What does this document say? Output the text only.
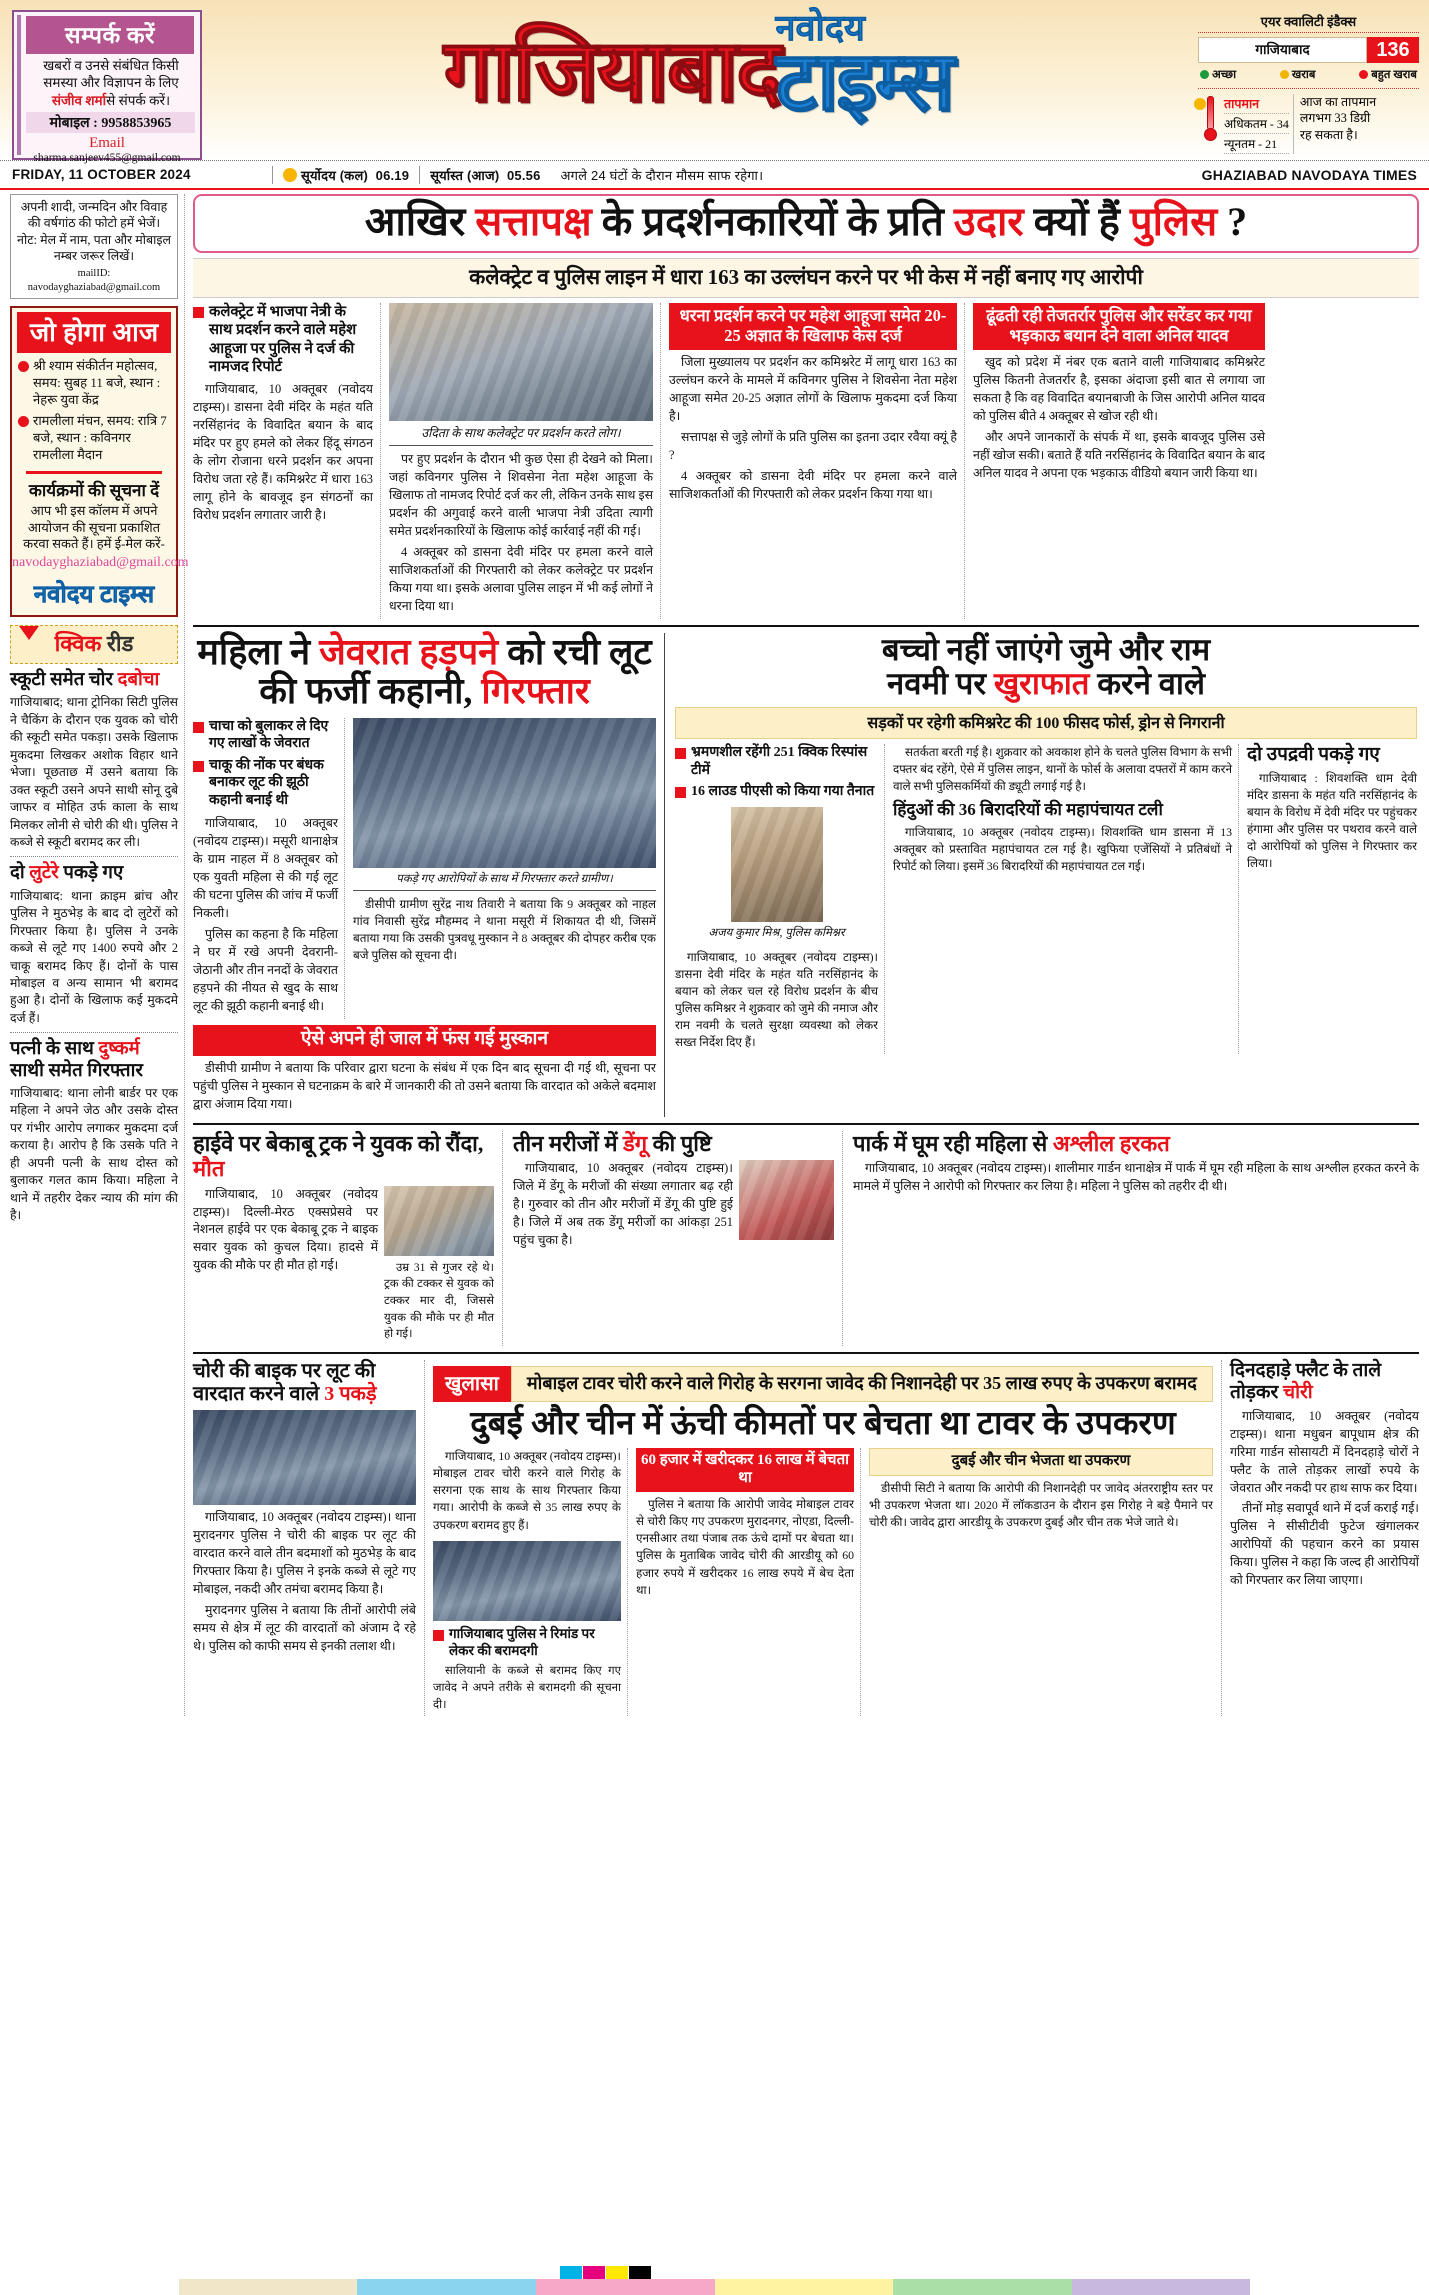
सम्पर्क करें
खबरों व उनसे संबंधित किसी
समस्या और विज्ञापन के लिए
संजीव शर्मासे संपर्क करें।
मोबाइल : 9958853965
Email
sharma.sanjeev455@gmail.com
गाजियाबाद
नवोदय
टाइम्स
एयर क्वालिटी इंडैक्स
गाजियाबाद	136
अच्छा	खराब	बहुत खराब
तापमान
अधिकतम - 34
न्यूनतम - 21
आज का तापमान
लगभग 33 डिग्री
रह सकता है।
FRIDAY, 11 OCTOBER 2024	सूर्योदय (कल) 06.19	सूर्यास्त (आज) 05.56	अगले 24 घंटों के दौरान मौसम साफ रहेगा।	GHAZIABAD NAVODAYA TIMES
अपनी शादी, जन्मदिन और विवाह
की वर्षगांठ की फोटो हमें भेजें।
नोट: मेल में नाम, पता और मोबाइल
नम्बर जरूर लिखें।
mailID: navodayghaziabad@gmail.com
जो होगा आज
श्री श्याम संकीर्तन महोत्सव, समय: सुबह 11 बजे, स्थान : नेहरू युवा केंद्र
रामलीला मंचन, समय: रात्रि 7 बजे, स्थान : कविनगर रामलीला मैदान
कार्यक्रमों की सूचना दें
आप भी इस कॉलम में अपने आयोजन की सूचना प्रकाशित करवा सकते हैं। हमें ई-मेल करें-
navodayghaziabad@gmail.com
नवोदय टाइम्स
क्विक रीड
स्कूटी समेत चोर दबोचा
गाजियाबाद; थाना ट्रोनिका सिटी पुलिस ने चैकिंग के दौरान एक युवक को चोरी की स्कूटी समेत पकड़ा। उसके खिलाफ मुकदमा लिखकर अशोक विहार थाने भेजा। पूछताछ में उसने बताया कि उक्त स्कूटी उसने अपने साथी सोनू दुबे जाफर व मोहित उर्फ काला के साथ मिलकर लोनी से चोरी की थी। पुलिस ने कब्जे से स्कूटी बरामद कर ली।
दो लुटेरे पकड़े गए
गाजियाबाद: थाना क्राइम ब्रांच और पुलिस ने मुठभेड़ के बाद दो लुटेरों को गिरफ्तार किया है। पुलिस ने उनके कब्जे से लूटे गए 1400 रुपये और 2 चाकू बरामद किए हैं। दोनों के पास मोबाइल व अन्य सामान भी बरामद हुआ है। दोनों के खिलाफ कई मुकदमे दर्ज हैं।
पत्नी के साथ दुष्कर्म साथी समेत गिरफ्तार
गाजियाबाद: थाना लोनी बार्डर पर एक महिला ने अपने जेठ और उसके दोस्त पर गंभीर आरोप लगाकर मुकदमा दर्ज कराया है। आरोप है कि उसके पति ने ही अपनी पत्नी के साथ दोस्त को बुलाकर गलत काम किया। महिला ने थाने में तहरीर देकर न्याय की मांग की है।
आखिर सत्तापक्ष के प्रदर्शनकारियों के प्रति उदार क्यों हैं पुलिस ?
कलेक्ट्रेट व पुलिस लाइन में धारा 163 का उल्लंघन करने पर भी केस में नहीं बनाए गए आरोपी
कलेक्ट्रेट में भाजपा नेत्री के साथ प्रदर्शन करने वाले महेश आहूजा पर पुलिस ने दर्ज की नामजद रिपोर्ट

गाजियाबाद, 10 अक्तूबर (नवोदय टाइम्स)। डासना देवी मंदिर के महंत यति नरसिंहानंद के विवादित बयान के बाद मंदिर पर हुए हमले को लेकर हिंदू संगठन के लोग रोजाना धरने प्रदर्शन कर अपना विरोध जता रहे हैं। कमिश्नरेट में धारा 163 लागू होने के बावजूद इन संगठनों का विरोध प्रदर्शन लगातार जारी है।

उदिता के साथ कलेक्ट्रेट पर प्रदर्शन करते लोग।

पर हुए प्रदर्शन के दौरान भी कुछ ऐसा ही देखने को मिला। जहां कविनगर पुलिस ने शिवसेना नेता महेश आहूजा के खिलाफ तो नामजद रिपोर्ट दर्ज कर ली, लेकिन उनके साथ इस प्रदर्शन की अगुवाई करने वाली भाजपा नेत्री उदिता त्यागी समेत प्रदर्शनकारियों के खिलाफ कोई कार्रवाई नहीं की गई।

4 अक्तूबर को डासना देवी मंदिर पर हमला करने वाले साजिशकर्ताओं की गिरफ्तारी को लेकर कलेक्ट्रेट पर प्रदर्शन किया गया था। इसके अलावा पुलिस लाइन में भी कई लोगों ने धरना दिया था।

धरना प्रदर्शन करने पर महेश आहूजा समेत 20-25 अज्ञात के खिलाफ केस दर्ज

जिला मुख्यालय पर प्रदर्शन कर कमिश्नरेट में लागू धारा 163 का उल्लंघन करने के मामले में कविनगर पुलिस ने शिवसेना नेता महेश आहूजा समेत 20-25 अज्ञात लोगों के खिलाफ मुकदमा दर्ज किया है।

सत्तापक्ष से जुड़े लोगों के प्रति पुलिस का इतना उदार रवैया क्यूं है ?

4 अक्तूबर को डासना देवी मंदिर पर हमला करने वाले साजिशकर्ताओं की गिरफ्तारी को लेकर प्रदर्शन किया गया था।

ढूंढती रही तेजतर्रार पुलिस और सरेंडर कर गया भड़काऊ बयान देने वाला अनिल यादव

खुद को प्रदेश में नंबर एक बताने वाली गाजियाबाद कमिश्नरेट पुलिस कितनी तेजतर्रार है, इसका अंदाजा इसी बात से लगाया जा सकता है कि वह विवादित बयानबाजी के जिस आरोपी अनिल यादव को पुलिस बीते 4 अक्तूबर से खोज रही थी।

और अपने जानकारों के संपर्क में था, इसके बावजूद पुलिस उसे नहीं खोज सकी। बताते हैं यति नरसिंहानंद के विवादित बयान के बाद अनिल यादव ने अपना एक भड़काऊ वीडियो बयान जारी किया था।

महिला ने जेवरात हड़पने को रची लूट की फर्जी कहानी, गिरफ्तार
चाचा को बुलाकर ले दिए गए लाखों के जेवरात
चाकू की नोंक पर बंधक बनाकर लूट की झूठी कहानी बनाई थी

गाजियाबाद, 10 अक्तूबर (नवोदय टाइम्स)। मसूरी थानाक्षेत्र के ग्राम नाहल में 8 अक्तूबर को एक युवती महिला से की गई लूट की घटना पुलिस की जांच में फर्जी निकली।

पुलिस का कहना है कि महिला ने घर में रखे अपनी देवरानी-जेठानी और तीन ननदों के जेवरात हड़पने की नीयत से खुद के साथ लूट की झूठी कहानी बनाई थी।

पकड़े गए आरोपियों के साथ में गिरफ्तार करते ग्रामीण।

डीसीपी ग्रामीण सुरेंद्र नाथ तिवारी ने बताया कि 9 अक्तूबर को नाहल गांव निवासी सुरेंद्र मौहम्मद ने थाना मसूरी में शिकायत दी थी, जिसमें बताया गया कि उसकी पुत्रवधू मुस्कान ने 8 अक्तूबर की दोपहर करीब एक बजे पुलिस को सूचना दी।

ऐसे अपने ही जाल में फंस गई मुस्कान

डीसीपी ग्रामीण ने बताया कि परिवार द्वारा घटना के संबंध में एक दिन बाद सूचना दी गई थी, सूचना पर पहुंची पुलिस ने मुस्कान से घटनाक्रम के बारे में जानकारी की तो उसने बताया कि वारदात को अकेले बदमाश द्वारा अंजाम दिया गया।

बच्चो नहीं जाएंगे जुमे और राम
नवमी पर खुराफात करने वाले
सड़कों पर रहेगी कमिश्नरेट की 100 फीसद फोर्स, ड्रोन से निगरानी
भ्रमणशील रहेंगी 251 क्विक रिस्पांस टीमें
16 लाउड पीएसी को किया गया तैनात
अजय कुमार मिश्र, पुलिस कमिश्नर

गाजियाबाद, 10 अक्तूबर (नवोदय टाइम्स)। डासना देवी मंदिर के महंत यति नरसिंहानंद के बयान को लेकर चल रहे विरोध प्रदर्शन के बीच पुलिस कमिश्नर ने शुक्रवार को जुमे की नमाज और राम नवमी के चलते सुरक्षा व्यवस्था को लेकर सख्त निर्देश दिए हैं।

सतर्कता बरती गई है। शुक्रवार को अवकाश होने के चलते पुलिस विभाग के सभी दफ्तर बंद रहेंगे, ऐसे में पुलिस लाइन, थानों के फोर्स के अलावा दफ्तरों में काम करने वाले सभी पुलिसकर्मियों की ड्यूटी लगाई गई है।

हिंदुओं की 36 बिरादरियों की महापंचायत टली

गाजियाबाद, 10 अक्तूबर (नवोदय टाइम्स)। शिवशक्ति धाम डासना में 13 अक्तूबर को प्रस्तावित महापंचायत टल गई है। खुफिया एजेंसियों ने प्रतिबंधों ने रिपोर्ट को लिया। इसमें 36 बिरादरियों की महापंचायत टल गई।

दो उपद्रवी पकड़े गए

गाजियाबाद : शिवशक्ति धाम देवी मंदिर डासना के महंत यति नरसिंहानंद के बयान के विरोध में देवी मंदिर पर पहुंचकर हंगामा और पुलिस पर पथराव करने वाले दो आरोपियों को पुलिस ने गिरफ्तार कर लिया।

हाईवे पर बेकाबू ट्रक ने युवक को रौंदा, मौत

गाजियाबाद, 10 अक्तूबर (नवोदय टाइम्स)। दिल्ली-मेरठ एक्सप्रेसवे पर नेशनल हाईवे पर एक बेकाबू ट्रक ने बाइक सवार युवक को कुचल दिया। हादसे में युवक की मौके पर ही मौत हो गई।	उम्र 31 से गुजर रहे थे। ट्रक की टक्कर से युवक को टक्कर मार दी, जिससे युवक की मौके पर ही मौत हो गई।

तीन मरीजों में डेंगू की पुष्टि

गाजियाबाद, 10 अक्तूबर (नवोदय टाइम्स)। जिले में डेंगू के मरीजों की संख्या लगातार बढ़ रही है। गुरुवार को तीन और मरीजों में डेंगू की पुष्टि हुई है। जिले में अब तक डेंगू मरीजों का आंकड़ा 251 पहुंच चुका है।

पार्क में घूम रही महिला से अश्लील हरकत

गाजियाबाद, 10 अक्तूबर (नवोदय टाइम्स)। शालीमार गार्डन थानाक्षेत्र में पार्क में घूम रही महिला के साथ अश्लील हरकत करने के मामले में पुलिस ने आरोपी को गिरफ्तार कर लिया है। महिला ने पुलिस को तहरीर दी थी।

चोरी की बाइक पर लूट की वारदात करने वाले 3 पकड़े

गाजियाबाद, 10 अक्तूबर (नवोदय टाइम्स)। थाना मुरादनगर पुलिस ने चोरी की बाइक पर लूट की वारदात करने वाले तीन बदमाशों को मुठभेड़ के बाद गिरफ्तार किया है। पुलिस ने इनके कब्जे से लूटे गए मोबाइल, नकदी और तमंचा बरामद किया है।

मुरादनगर पुलिस ने बताया कि तीनों आरोपी लंबे समय से क्षेत्र में लूट की वारदातों को अंजाम दे रहे थे। पुलिस को काफी समय से इनकी तलाश थी।

खुलासा	मोबाइल टावर चोरी करने वाले गिरोह के सरगना जावेद की निशानदेही पर 35 लाख रुपए के उपकरण बरामद
दुबई और चीन में ऊंची कीमतों पर बेचता था टावर के उपकरण

गाजियाबाद, 10 अक्तूबर (नवोदय टाइम्स)। मोबाइल टावर चोरी करने वाले गिरोह के सरगना एक साथ के साथ गिरफ्तार किया गया। आरोपी के कब्जे से 35 लाख रुपए के उपकरण बरामद हुए हैं।

गाजियाबाद पुलिस ने रिमांड पर लेकर की बरामदगी

सालियानी के कब्जे से बरामद किए गए जावेद ने अपने तरीके से बरामदगी की सूचना दी।

60 हजार में खरीदकर 16 लाख में बेचता था

पुलिस ने बताया कि आरोपी जावेद मोबाइल टावर से चोरी किए गए उपकरण मुरादनगर, नोएडा, दिल्ली-एनसीआर तथा पंजाब तक ऊंचे दामों पर बेचता था। पुलिस के मुताबिक जावेद चोरी की आरडीयू को 60 हजार रुपये में खरीदकर 16 लाख रुपये में बेच देता था।

दुबई और चीन भेजता था उपकरण

डीसीपी सिटी ने बताया कि आरोपी की निशानदेही पर जावेद अंतरराष्ट्रीय स्तर पर भी उपकरण भेजता था। 2020 में लॉकडाउन के दौरान इस गिरोह ने बड़े पैमाने पर चोरी की। जावेद द्वारा आरडीयू के उपकरण दुबई और चीन तक भेजे जाते थे।

दिनदहाड़े फ्लैट के ताले तोड़कर चोरी

गाजियाबाद, 10 अक्तूबर (नवोदय टाइम्स)। थाना मधुबन बापूधाम क्षेत्र की गरिमा गार्डन सोसायटी में दिनदहाड़े चोरों ने फ्लैट के ताले तोड़कर लाखों रुपये के जेवरात और नकदी पर हाथ साफ कर दिया।

तीनों मोड़ सवापूर्व थाने में दर्ज कराई गई। पुलिस ने सीसीटीवी फुटेज खंगालकर आरोपियों की पहचान करने का प्रयास किया। पुलिस ने कहा कि जल्द ही आरोपियों को गिरफ्तार कर लिया जाएगा।
